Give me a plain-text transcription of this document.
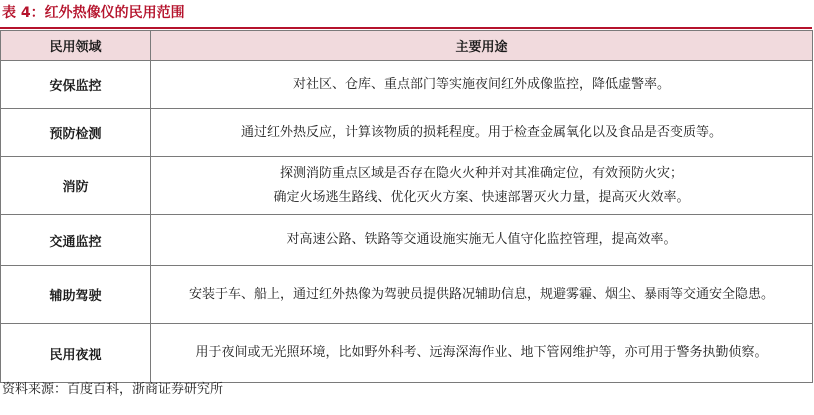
表 4：红外热像仪的民用范围
民用领域	主要用途
安保监控	对社区、仓库、重点部门等实施夜间红外成像监控，降低虚警率。

预防检测	通过红外热反应，计算该物质的损耗程度。用于检查金属氧化以及食品是否变质等。

消防	探测消防重点区域是否存在隐火火种并对其准确定位，有效预防火灾；
确定火场逃生路线、优化灭火方案、快速部署灭火力量，提高灭火效率。

交通监控	对高速公路、铁路等交通设施实施无人值守化监控管理，提高效率。

辅助驾驶	安装于车、船上，通过红外热像为驾驶员提供路况辅助信息，规避雾霾、烟尘、暴雨等交通安全隐患。

民用夜视	用于夜间或无光照环境，比如野外科考、远海深海作业、地下管网维护等，亦可用于警务执勤侦察。
资料来源：百度百科，浙商证券研究所
